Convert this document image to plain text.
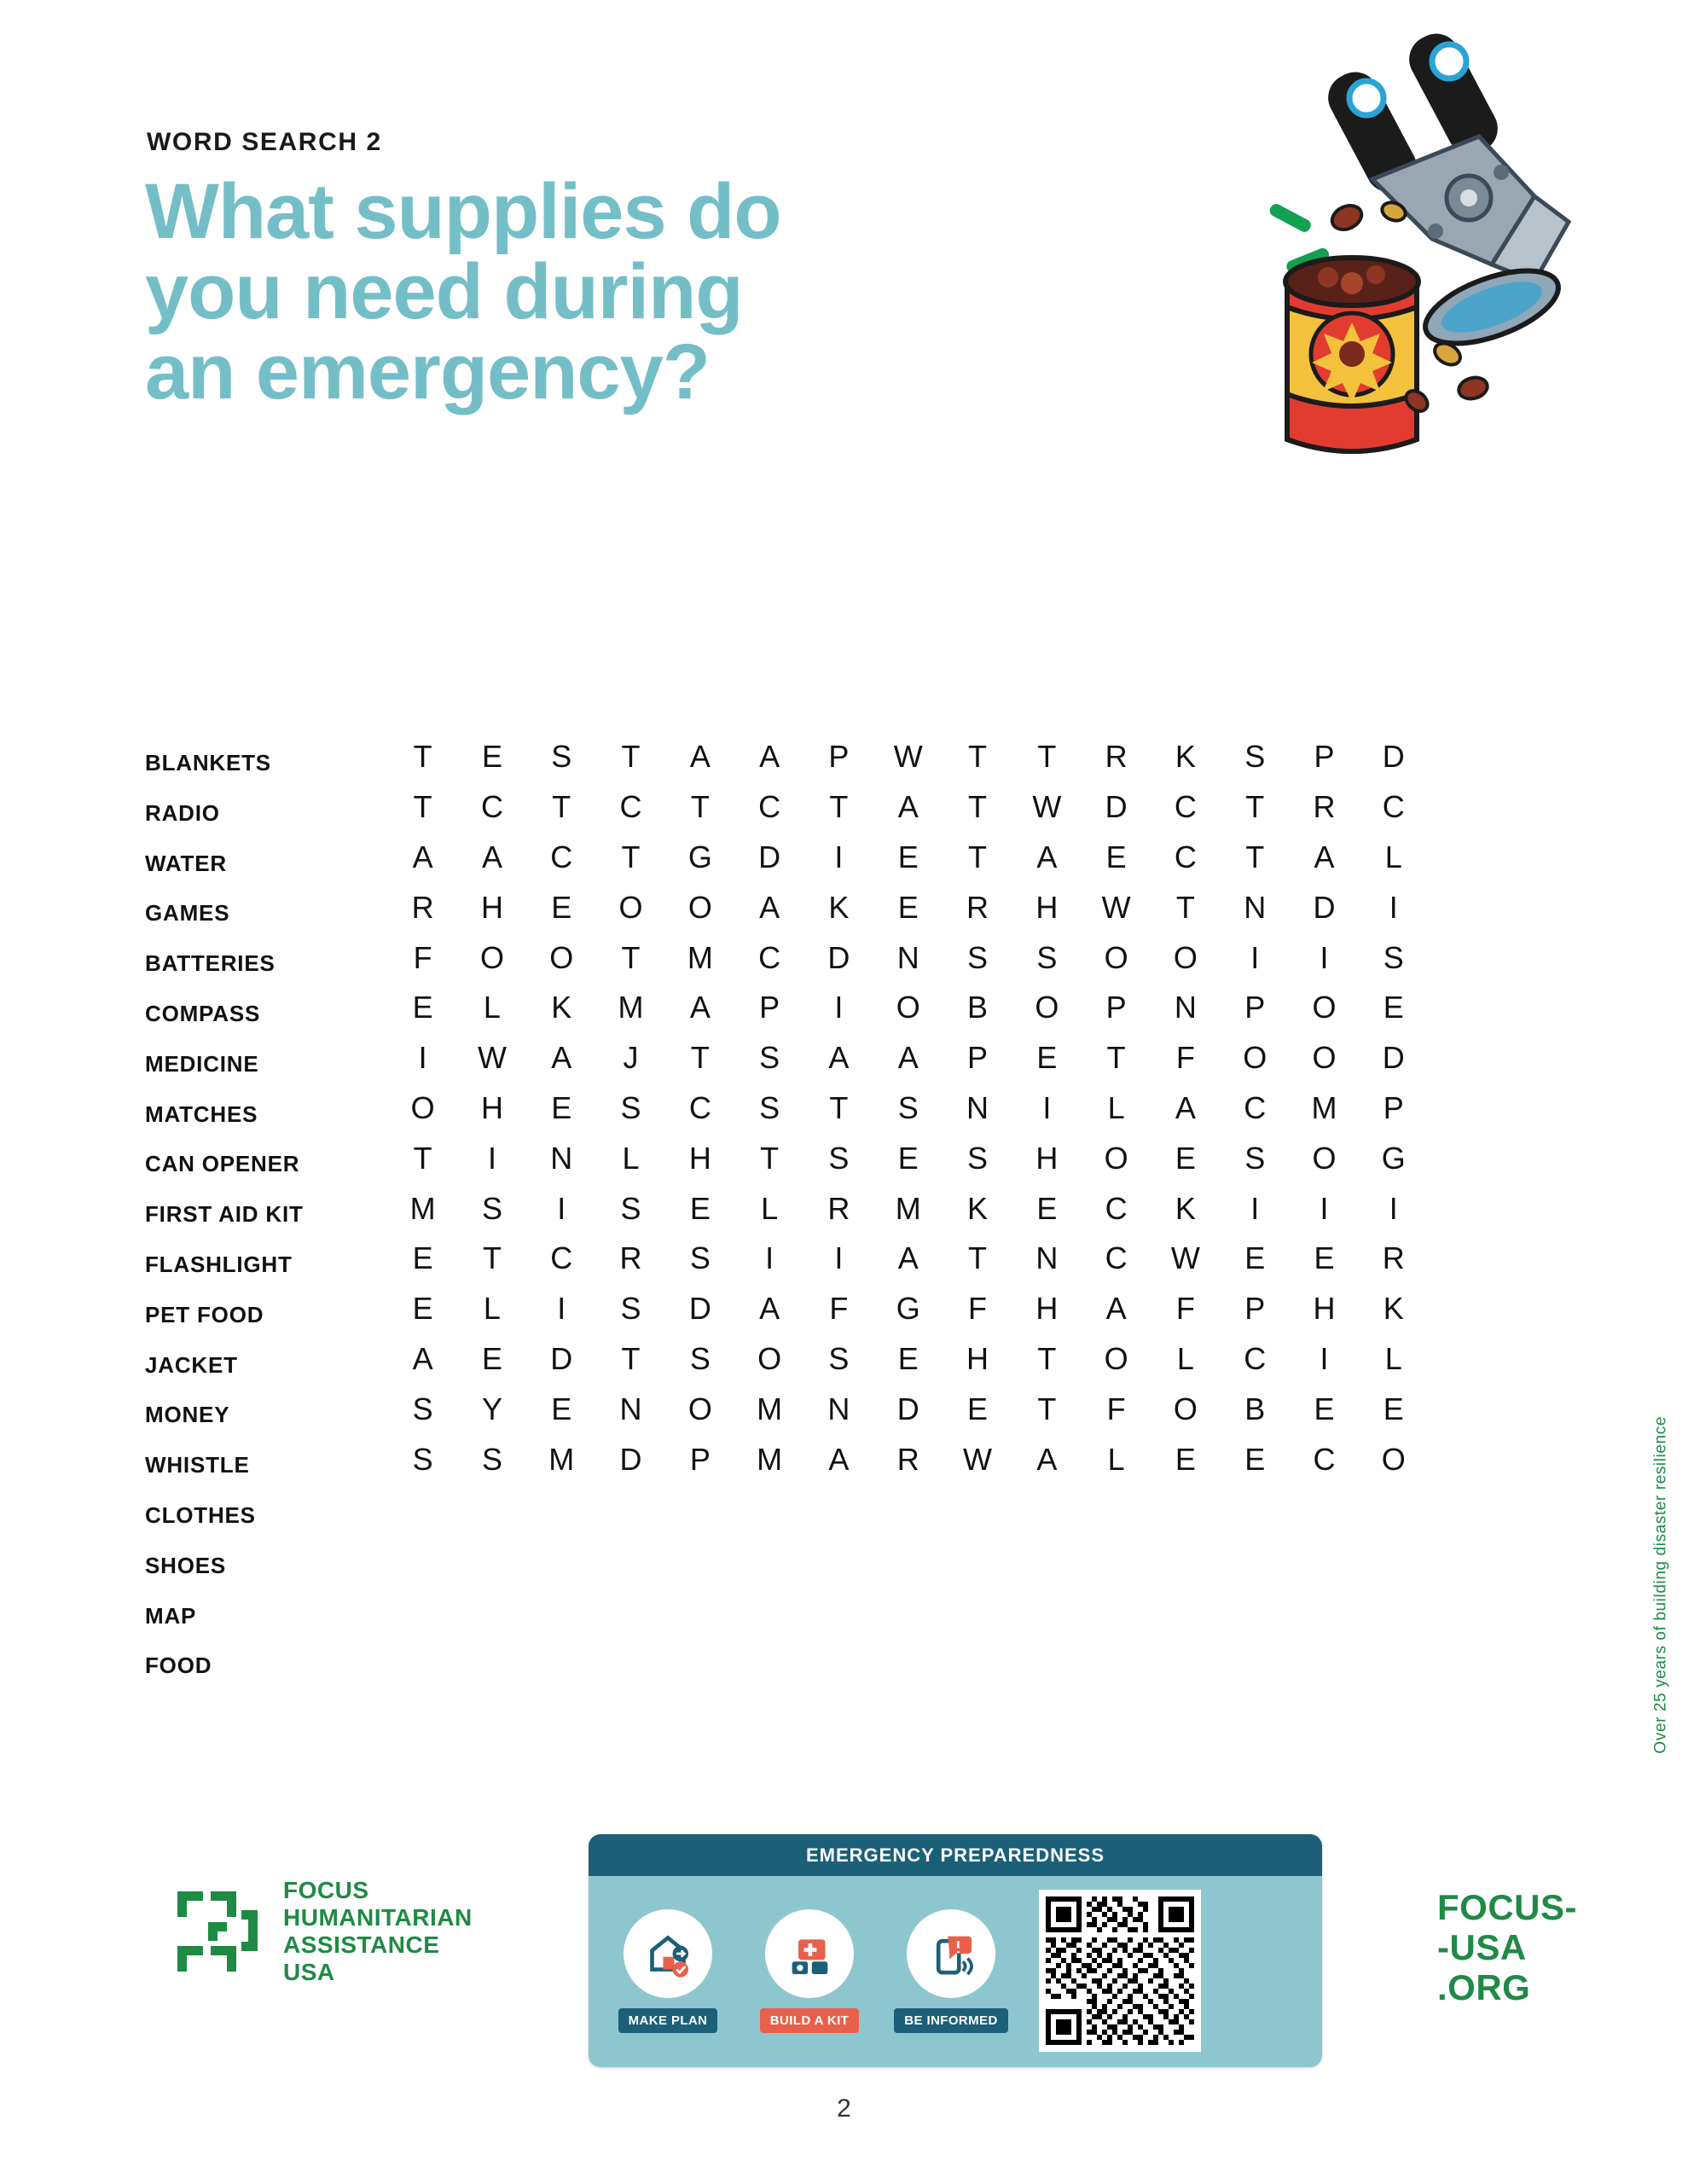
WORD SEARCH 2
What supplies do
you need during
an emergency?
BLANKETS
RADIO
WATER
GAMES
BATTERIES
COMPASS
MEDICINE
MATCHES
CAN OPENER
FIRST AID KIT
FLASHLIGHT
PET FOOD
JACKET
MONEY
WHISTLE
CLOTHES
SHOES
MAP
FOOD
T	E	S	T	A	A	P	W	T	T	R	K	S	P	D
T	C	T	C	T	C	T	A	T	W	D	C	T	R	C
A	A	C	T	G	D	I	E	T	A	E	C	T	A	L
R	H	E	O	O	A	K	E	R	H	W	T	N	D	I
F	O	O	T	M	C	D	N	S	S	O	O	I	I	S
E	L	K	M	A	P	I	O	B	O	P	N	P	O	E
I	W	A	J	T	S	A	A	P	E	T	F	O	O	D
O	H	E	S	C	S	T	S	N	I	L	A	C	M	P
T	I	N	L	H	T	S	E	S	H	O	E	S	O	G
M	S	I	S	E	L	R	M	K	E	C	K	I	I	I
E	T	C	R	S	I	I	A	T	N	C	W	E	E	R
E	L	I	S	D	A	F	G	F	H	A	F	P	H	K
A	E	D	T	S	O	S	E	H	T	O	L	C	I	L
S	Y	E	N	O	M	N	D	E	T	F	O	B	E	E
S	S	M	D	P	M	A	R	W	A	L	E	E	C	O	Over 25 years of building disaster resilience
FOCUS
HUMANITARIAN
ASSISTANCE
USA
EMERGENCY PREPAREDNESS
MAKE PLAN	BUILD A KIT	BE INFORMED
FOCUS-
-USA
.ORG
2
